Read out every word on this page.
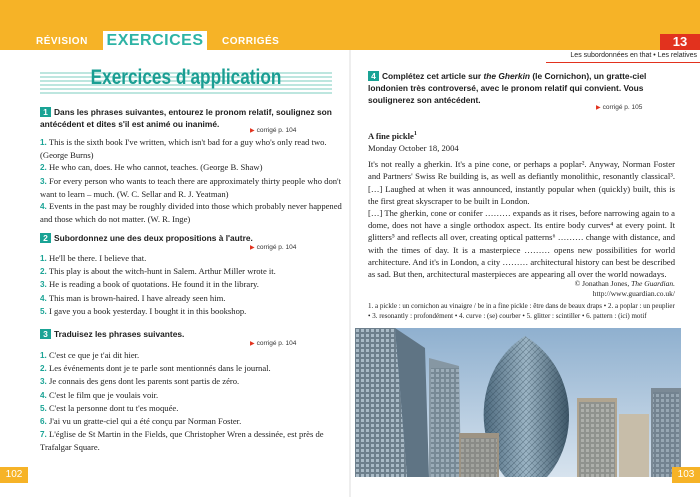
RÉVISION EXERCICES	CORRIGÉS	13
Les subordonnées en that • Les relatives
Exercices d'application
1 Dans les phrases suivantes, entourez le pronom relatif, soulignez son antécédent et dites s'il est animé ou inanimé.
▶ corrigé p. 104
1. This is the sixth book I've written, which isn't bad for a guy who's only read two. (George Burns)
2. He who can, does. He who cannot, teaches. (George B. Shaw)
3. For every person who wants to teach there are approximately thirty people who don't want to learn – much. (W. C. Sellar and R. J. Yeatman)
4. Events in the past may be roughly divided into those which probably never happened and those which do not matter. (W. R. Inge)
2 Subordonnez une des deux propositions à l'autre.
▶ corrigé p. 104
1. He'll be there. I believe that.
2. This play is about the witch-hunt in Salem. Arthur Miller wrote it.
3. He is reading a book of quotations. He found it in the library.
4. This man is brown-haired. I have already seen him.
5. I gave you a book yesterday. I bought it in this bookshop.
3 Traduisez les phrases suivantes.
▶ corrigé p. 104
1. C'est ce que je t'ai dit hier.
2. Les événements dont je te parle sont mentionnés dans le journal.
3. Je connais des gens dont les parents sont partis de zéro.
4. C'est le film que je voulais voir.
5. C'est la personne dont tu t'es moquée.
6. J'ai vu un gratte-ciel qui a été conçu par Norman Foster.
7. L'église de St Martin in the Fields, que Christopher Wren a dessinée, est près de Trafalgar Square.
102
4 Complétez cet article sur the Gherkin (le Cornichon), un gratte-ciel londonien très controversé, avec le pronom relatif qui convient. Vous soulignerez son antécédent.
▶ corrigé p. 105
A fine pickle$^1$
Monday October 18, 2004

It's not really a gherkin. It's a pine cone, or perhaps a poplar². Anyway, Norman Foster and Partners' Swiss Re building is, as well as defiantly monolithic, resonantly classical³. […] Laughed at when it was announced, instantly popular when (quickly) built, this is the first great skyscraper to be built in London.

[…] The gherkin, cone or conifer ……… expands as it rises, before narrowing again to a dome, does not have a single orthodox aspect. Its entire body curves⁴ at every point. It glitters⁵ and reflects all over, creating optical patterns⁶ ……… change with distance, and with the times of day. It is a masterpiece ……… opens new possibilities for world architecture. And it's in London, a city ……… architectural history can best be described as sad. But then, architectural masterpieces are appearing all over the world nowadays.

© Jonathan Jones, The Guardian.
http://www.guardian.co.uk/
1. a pickle : un cornichon au vinaigre / be in a fine pickle : être dans de beaux draps • 2. a poplar : un peuplier • 3. resonantly : profondément • 4. curve : (se) courber • 5. glitter : scintiller • 6. pattern : (ici) motif
103
